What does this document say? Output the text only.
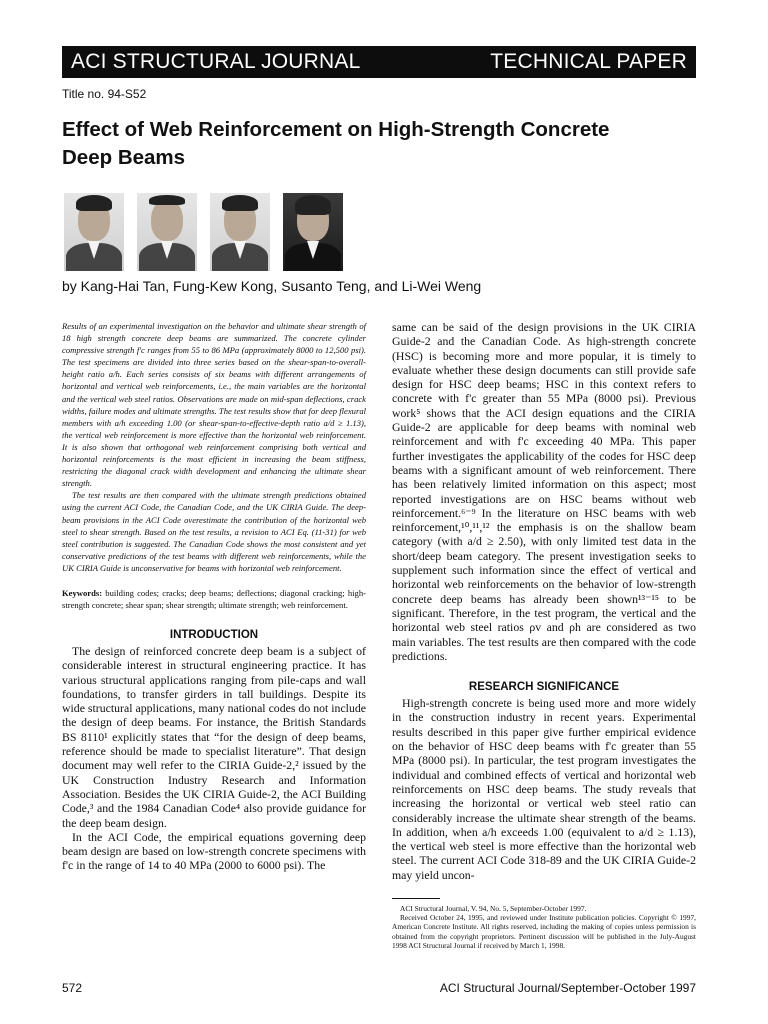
ACI STRUCTURAL JOURNAL	TECHNICAL PAPER
Title no. 94-S52
Effect of Web Reinforcement on High-Strength Concrete Deep Beams
by Kang-Hai Tan, Fung-Kew Kong, Susanto Teng, and Li-Wei Weng

Results of an experimental investigation on the behavior and ultimate shear strength of 18 high strength concrete deep beams are summarized. The concrete cylinder compressive strength f'c ranges from 55 to 86 MPa (approximately 8000 to 12,500 psi). The test specimens are divided into three series based on the shear-span-to-overall-height ratio a/h. Each series consists of six beams with different arrangements of horizontal and vertical web reinforcements, i.e., the main variables are the horizontal and the vertical web steel ratios. Observations are made on mid-span deflections, crack widths, failure modes and ultimate strengths. The test results show that for deep flexural members with a/h exceeding 1.00 (or shear-span-to-effective-depth ratio a/d ≥ 1.13), the vertical web reinforcement is more effective than the horizontal web reinforcement. It is also shown that orthogonal web reinforcement comprising both vertical and horizontal reinforcements is the most efficient in increasing the beam stiffness, restricting the diagonal crack width development and enhancing the ultimate shear strength.

The test results are then compared with the ultimate strength predictions obtained using the current ACI Code, the Canadian Code, and the UK CIRIA Guide. The deep-beam provisions in the ACI Code overestimate the contribution of the horizontal web steel to shear strength. Based on the test results, a revision to ACI Eq. (11-31) for web steel contribution is suggested. The Canadian Code shows the most consistent and yet conservative predictions of the test beams with different web reinforcements, while the UK CIRIA Guide is unconservative for beams with horizontal web reinforcement.

Keywords: building codes; cracks; deep beams; deflections; diagonal cracking; high-strength concrete; shear span; shear strength; ultimate strength; web reinforcement.

INTRODUCTION

The design of reinforced concrete deep beam is a subject of considerable interest in structural engineering practice. It has various structural applications ranging from pile-caps and wall foundations, to transfer girders in tall buildings. Despite its wide structural applications, many national codes do not include the design of deep beams. For instance, the British Standards BS 8110¹ explicitly states that “for the design of deep beams, reference should be made to specialist literature”. That design document may well refer to the CIRIA Guide-2,² issued by the UK Construction Industry Research and Information Association. Besides the UK CIRIA Guide-2, the ACI Building Code,³ and the 1984 Canadian Code⁴ also provide guidance for the deep beam design.

In the ACI Code, the empirical equations governing deep beam design are based on low-strength concrete specimens with f'c in the range of 14 to 40 MPa (2000 to 6000 psi). The

same can be said of the design provisions in the UK CIRIA Guide-2 and the Canadian Code. As high-strength concrete (HSC) is becoming more and more popular, it is timely to evaluate whether these design documents can still provide safe design for HSC deep beams; HSC in this context refers to concrete with f'c greater than 55 MPa (8000 psi). Previous work⁵ shows that the ACI design equations and the CIRIA Guide-2 are applicable for deep beams with nominal web reinforcement and with f'c exceeding 40 MPa. This paper further investigates the applicability of the codes for HSC deep beams with a significant amount of web reinforcement. There has been relatively limited information on this aspect; most reported investigations are on HSC beams without web reinforcement.⁶⁻⁹ In the literature on HSC beams with web reinforcement,¹⁰,¹¹,¹² the emphasis is on the shallow beam category (with a/d ≥ 2.50), with only limited test data in the short/deep beam category. The present investigation seeks to supplement such information since the effect of vertical and horizontal web reinforcements on the behavior of low-strength concrete deep beams has already been shown¹³⁻¹⁵ to be significant. Therefore, in the test program, the vertical and the horizontal web steel ratios ρv and ρh are considered as two main variables. The test results are then compared with the code predictions.

RESEARCH SIGNIFICANCE

High-strength concrete is being used more and more widely in the construction industry in recent years. Experimental results described in this paper give further empirical evidence on the behavior of HSC deep beams with f'c greater than 55 MPa (8000 psi). In particular, the test program investigates the individual and combined effects of vertical and horizontal web reinforcements on HSC deep beams. The study reveals that increasing the horizontal or vertical web steel ratio can considerably increase the ultimate shear strength of the beams. In addition, when a/h exceeds 1.00 (equivalent to a/d ≥ 1.13), the vertical web steel is more effective than the horizontal web steel. The current ACI Code 318-89 and the UK CIRIA Guide-2 may yield uncon-

ACI Structural Journal, V. 94, No. 5, September-October 1997.

Received October 24, 1995, and reviewed under Institute publication policies. Copyright © 1997, American Concrete Institute. All rights reserved, including the making of copies unless permission is obtained from the copyright proprietors. Pertinent discussion will be published in the July-August 1998 ACI Structural Journal if received by March 1, 1998.

572	ACI Structural Journal/September-October 1997
